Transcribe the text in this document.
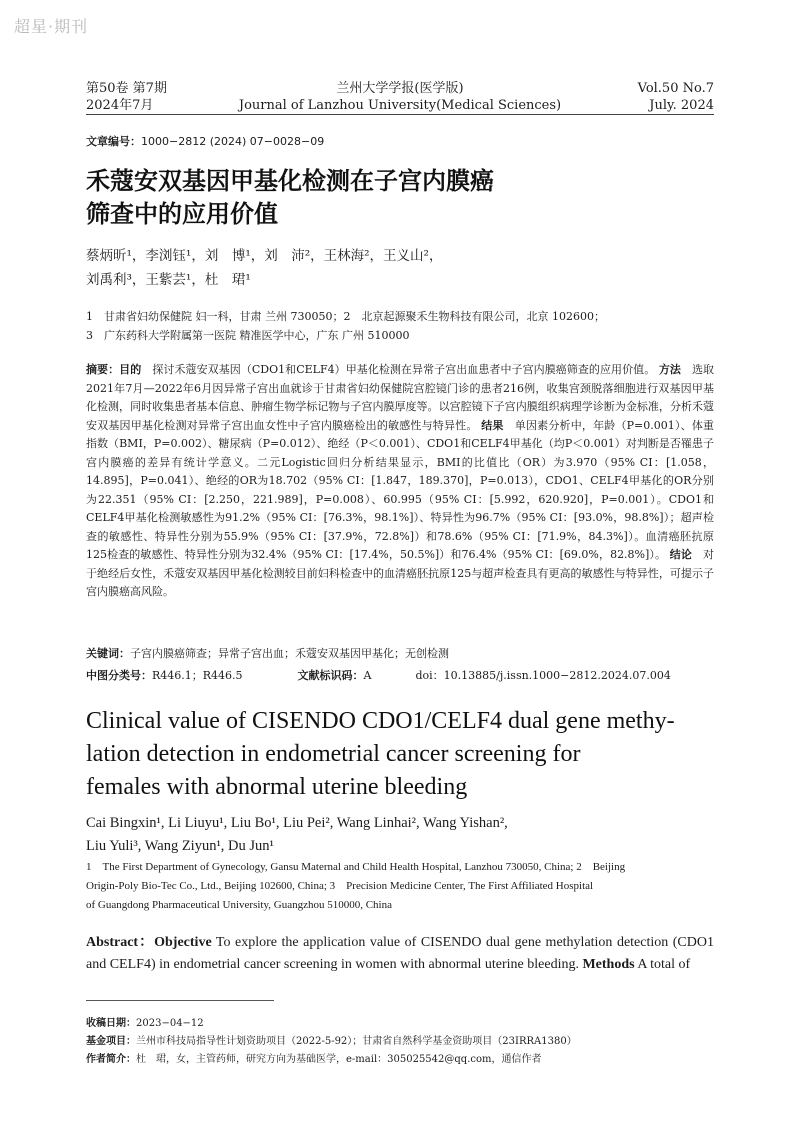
超星·期刊
第50卷 第7期
2024年7月
兰州大学学报(医学版)
Journal of Lanzhou University(Medical Sciences)
Vol.50 No.7
July. 2024
文章编号：1000−2812 (2024) 07−0028−09
禾蔻安双基因甲基化检测在子宫内膜癌
筛查中的应用价值
蔡炳昕¹，李浏钰¹，刘　博¹，刘　沛²，王林海²，王义山²，
刘禹利³，王紫芸¹，杜　珺¹
1　甘肃省妇幼保健院 妇一科，甘肃 兰州 730050；2　北京起源聚禾生物科技有限公司，北京 102600；
3　广东药科大学附属第一医院 精准医学中心，广东 广州 510000
摘要：目的　 探讨禾蔻安双基因（CDO1和CELF4）甲基化检测在异常子宫出血患者中子宫内膜癌筛查的应用价值。 方法　 选取2021年7月—2022年6月因异常子宫出血就诊于甘肃省妇幼保健院宫腔镜门诊的患者216例，收集宫颈脱落细胞进行双基因甲基化检测，同时收集患者基本信息、肿瘤生物学标记物与子宫内膜厚度等。以宫腔镜下子宫内膜组织病理学诊断为金标准，分析禾蔻安双基因甲基化检测对异常子宫出血女性中子宫内膜癌检出的敏感性与特异性。 结果　 单因素分析中，年龄（P=0.001）、体重指数（BMI，P=0.002）、糖尿病（P=0.012）、绝经（P＜0.001）、CDO1和CELF4甲基化（均P＜0.001）对判断是否罹患子宫内膜癌的差异有统计学意义。二元Logistic回归分析结果显示，BMI的比值比（OR）为3.970（95% CI：[1.058，14.895]，P=0.041）、绝经的OR为18.702（95% CI：[1.847，189.370]，P=0.013），CDO1、CELF4甲基化的OR分别为22.351（95% CI：[2.250，221.989]，P=0.008）、60.995（95% CI：[5.992，620.920]，P=0.001）。CDO1和CELF4甲基化检测敏感性为91.2%（95% CI：[76.3%，98.1%]）、特异性为96.7%（95% CI：[93.0%，98.8%]）；超声检查的敏感性、特异性分别为55.9%（95% CI：[37.9%，72.8%]）和78.6%（95% CI：[71.9%，84.3%]）。血清癌胚抗原125检查的敏感性、特异性分别为32.4%（95% CI：[17.4%，50.5%]）和76.4%（95% CI：[69.0%，82.8%]）。 结论　 对于绝经后女性，禾蔻安双基因甲基化检测较目前妇科检查中的血清癌胚抗原125与超声检查具有更高的敏感性与特异性，可提示子宫内膜癌高风险。
关键词：子宫内膜癌筛查；异常子宫出血；禾蔻安双基因甲基化；无创检测
中图分类号：R446.1；R446.5　　　　　	文献标识码：A　　　　	doi：10.13885/j.issn.1000−2812.2024.07.004
Clinical value of CISENDO CDO1/CELF4 dual gene methy-
lation detection in endometrial cancer screening for
females with abnormal uterine bleeding
Cai Bingxin¹, Li Liuyu¹, Liu Bo¹, Liu Pei², Wang Linhai², Wang Yishan²,
Liu Yuli³, Wang Ziyun¹, Du Jun¹
1　The First Department of Gynecology, Gansu Maternal and Child Health Hospital, Lanzhou 730050, China; 2　Beijing
Origin-Poly Bio-Tec Co., Ltd., Beijing 102600, China; 3　Precision Medicine Center, The First Affiliated Hospital
of Guangdong Pharmaceutical University, Guangzhou 510000, China
Abstract：Objective To explore the application value of CISENDO dual gene methylation detection (CDO1 and CELF4) in endometrial cancer screening in women with abnormal uterine bleeding. Methods A total of
收稿日期：2023−04−12
基金项目：兰州市科技局指导性计划资助项目（2022-5-92）；甘肃省自然科学基金资助项目（23IRRA1380）
作者简介：杜　珺，女，主管药师，研究方向为基础医学，e-mail：305025542@qq.com，通信作者
